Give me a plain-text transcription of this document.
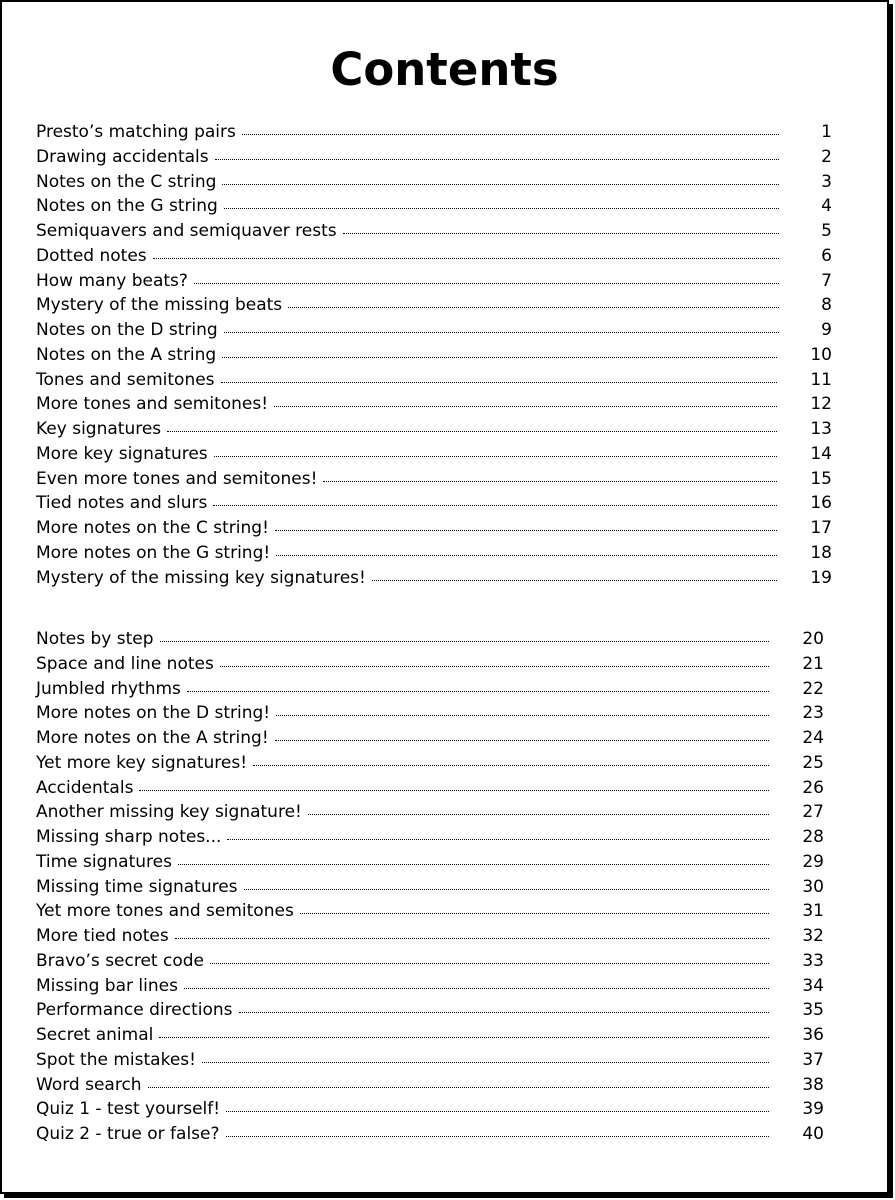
Contents
Presto’s matching pairs	1
Drawing accidentals	2
Notes on the C string	3
Notes on the G string	4
Semiquavers and semiquaver rests	5
Dotted notes	6
How many beats?	7
Mystery of the missing beats	8
Notes on the D string	9
Notes on the A string	10
Tones and semitones	11
More tones and semitones!	12
Key signatures	13
More key signatures	14
Even more tones and semitones!	15
Tied notes and slurs	16
More notes on the C string!	17
More notes on the G string!	18
Mystery of the missing key signatures!	19
Notes by step	20
Space and line notes	21
Jumbled rhythms	22
More notes on the D string!	23
More notes on the A string!	24
Yet more key signatures!	25
Accidentals	26
Another missing key signature!	27
Missing sharp notes...	28
Time signatures	29
Missing time signatures	30
Yet more tones and semitones	31
More tied notes	32
Bravo’s secret code	33
Missing bar lines	34
Performance directions	35
Secret animal	36
Spot the mistakes!	37
Word search	38
Quiz 1 - test yourself!	39
Quiz 2 - true or false?	40
